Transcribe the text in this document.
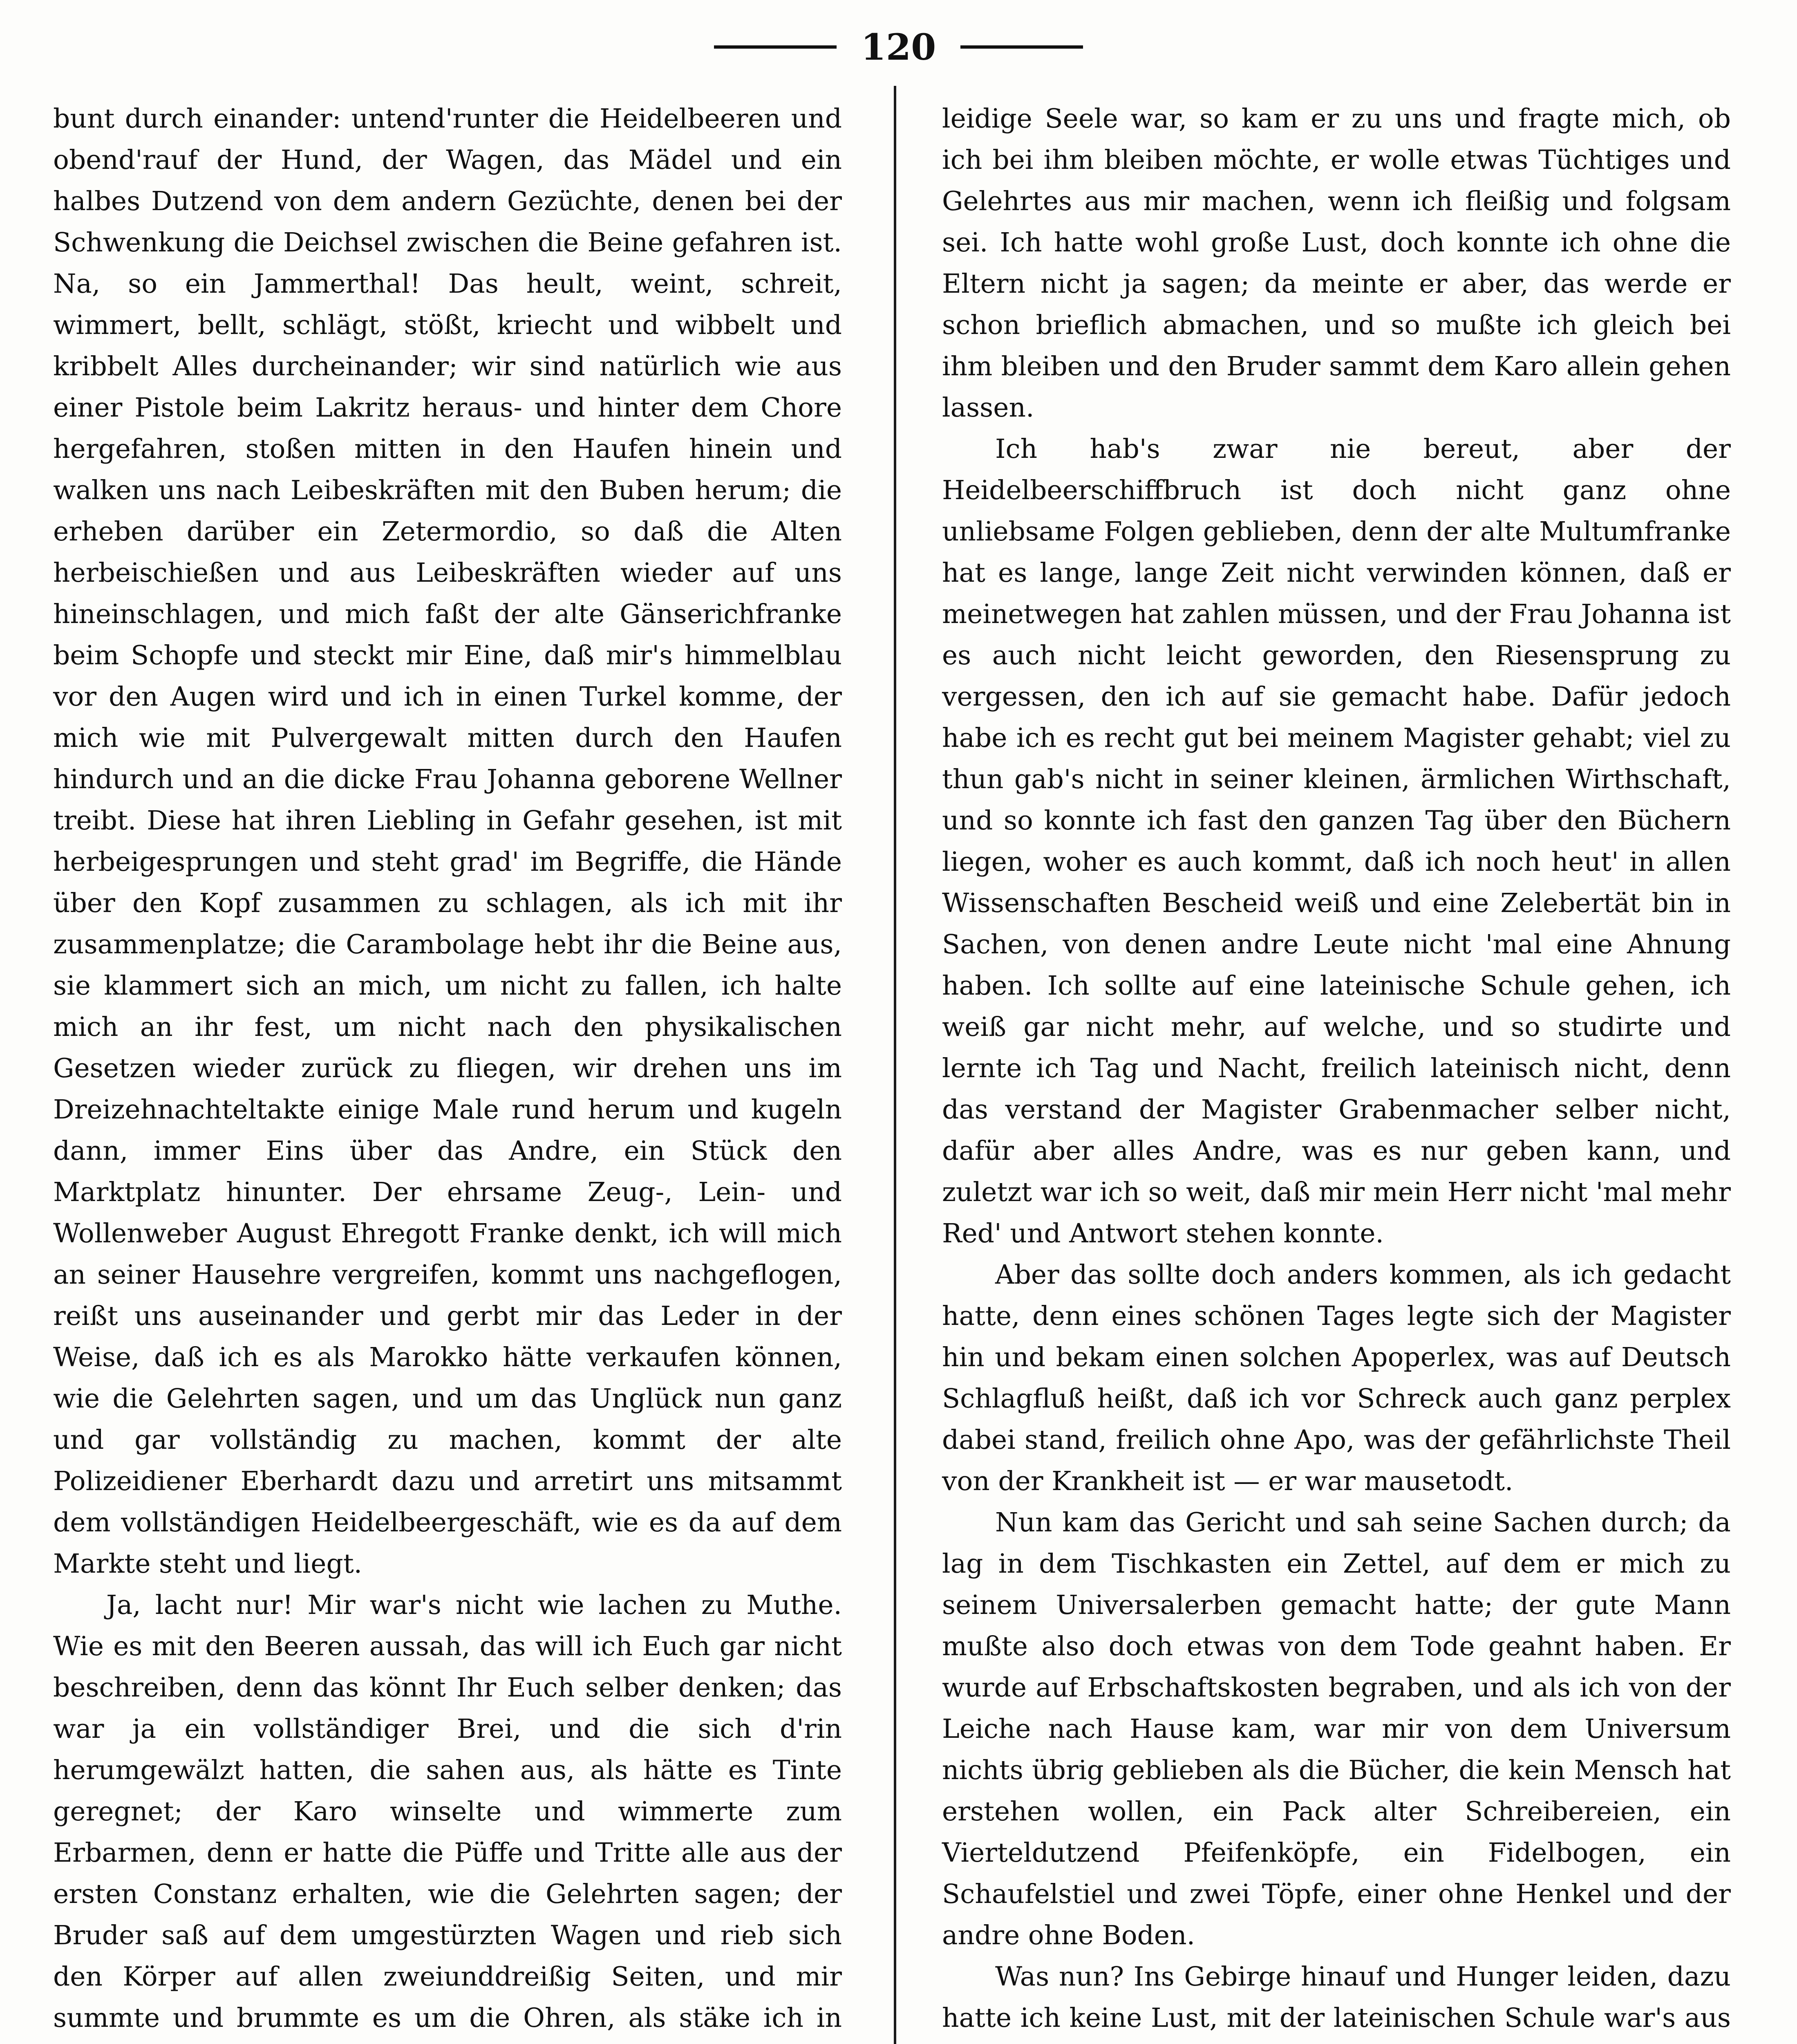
120

bunt durch einander: untend'runter die Heidelbeeren und obend'rauf der Hund, der Wagen, das Mädel und ein halbes Dutzend von dem andern Gezüchte, denen bei der Schwenkung die Deichsel zwischen die Beine gefahren ist. Na, so ein Jammerthal! Das heult, weint, schreit, wimmert, bellt, schlägt, stößt, kriecht und wibbelt und kribbelt Alles durcheinander; wir sind natürlich wie aus einer Pistole beim Lakritz heraus- und hinter dem Chore hergefahren, stoßen mitten in den Haufen hinein und walken uns nach Leibeskräften mit den Buben herum; die erheben darüber ein Zetermordio, so daß die Alten herbeischießen und aus Leibeskräften wieder auf uns hineinschlagen, und mich faßt der alte Gänserichfranke beim Schopfe und steckt mir Eine, daß mir's himmelblau vor den Augen wird und ich in einen Turkel komme, der mich wie mit Pulvergewalt mitten durch den Haufen hindurch und an die dicke Frau Johanna geborene Wellner treibt. Diese hat ihren Liebling in Gefahr gesehen, ist mit herbeigesprungen und steht grad' im Begriffe, die Hände über den Kopf zusammen zu schlagen, als ich mit ihr zusammenplatze; die Carambolage hebt ihr die Beine aus, sie klammert sich an mich, um nicht zu fallen, ich halte mich an ihr fest, um nicht nach den physikalischen Gesetzen wieder zurück zu fliegen, wir drehen uns im Dreizehnachteltakte einige Male rund herum und kugeln dann, immer Eins über das Andre, ein Stück den Marktplatz hinunter. Der ehrsame Zeug-, Lein- und Wollenweber August Ehregott Franke denkt, ich will mich an seiner Hausehre vergreifen, kommt uns nachgeflogen, reißt uns auseinander und gerbt mir das Leder in der Weise, daß ich es als Marokko hätte verkaufen können, wie die Gelehrten sagen, und um das Unglück nun ganz und gar vollständig zu machen, kommt der alte Polizeidiener Eberhardt dazu und arretirt uns mitsammt dem vollständigen Heidelbeergeschäft, wie es da auf dem Markte steht und liegt.

Ja, lacht nur! Mir war's nicht wie lachen zu Muthe. Wie es mit den Beeren aussah, das will ich Euch gar nicht beschreiben, denn das könnt Ihr Euch selber denken; das war ja ein vollständiger Brei, und die sich d'rin herumgewälzt hatten, die sahen aus, als hätte es Tinte geregnet; der Karo winselte und wimmerte zum Erbarmen, denn er hatte die Püffe und Tritte alle aus der ersten Constanz erhalten, wie die Gelehrten sagen; der Bruder saß auf dem umgestürzten Wagen und rieb sich den Körper auf allen zweiunddreißig Seiten, und mir summte und brummte es um die Ohren, als stäke ich in

leidige Seele war, so kam er zu uns und fragte mich, ob ich bei ihm bleiben möchte, er wolle etwas Tüchtiges und Gelehrtes aus mir machen, wenn ich fleißig und folgsam sei. Ich hatte wohl große Lust, doch konnte ich ohne die Eltern nicht ja sagen; da meinte er aber, das werde er schon brieflich abmachen, und so mußte ich gleich bei ihm bleiben und den Bruder sammt dem Karo allein gehen lassen.

Ich hab's zwar nie bereut, aber der Heidelbeerschiffbruch ist doch nicht ganz ohne unliebsame Folgen geblieben, denn der alte Multumfranke hat es lange, lange Zeit nicht verwinden können, daß er meinetwegen hat zahlen müssen, und der Frau Johanna ist es auch nicht leicht geworden, den Riesensprung zu vergessen, den ich auf sie gemacht habe. Dafür jedoch habe ich es recht gut bei meinem Magister gehabt; viel zu thun gab's nicht in seiner kleinen, ärmlichen Wirthschaft, und so konnte ich fast den ganzen Tag über den Büchern liegen, woher es auch kommt, daß ich noch heut' in allen Wissenschaften Bescheid weiß und eine Zelebertät bin in Sachen, von denen andre Leute nicht 'mal eine Ahnung haben. Ich sollte auf eine lateinische Schule gehen, ich weiß gar nicht mehr, auf welche, und so studirte und lernte ich Tag und Nacht, freilich lateinisch nicht, denn das verstand der Magister Grabenmacher selber nicht, dafür aber alles Andre, was es nur geben kann, und zuletzt war ich so weit, daß mir mein Herr nicht 'mal mehr Red' und Antwort stehen konnte.

Aber das sollte doch anders kommen, als ich gedacht hatte, denn eines schönen Tages legte sich der Magister hin und bekam einen solchen Apoperlex, was auf Deutsch Schlagfluß heißt, daß ich vor Schreck auch ganz perplex dabei stand, freilich ohne Apo, was der gefährlichste Theil von der Krankheit ist — er war mausetodt.

Nun kam das Gericht und sah seine Sachen durch; da lag in dem Tischkasten ein Zettel, auf dem er mich zu seinem Universalerben gemacht hatte; der gute Mann mußte also doch etwas von dem Tode geahnt haben. Er wurde auf Erbschaftskosten begraben, und als ich von der Leiche nach Hause kam, war mir von dem Universum nichts übrig geblieben als die Bücher, die kein Mensch hat erstehen wollen, ein Pack alter Schreibereien, ein Vierteldutzend Pfeifenköpfe, ein Fidelbogen, ein Schaufelstiel und zwei Töpfe, einer ohne Henkel und der andre ohne Boden.

Was nun? Ins Gebirge hinauf und Hunger leiden, dazu hatte ich keine Lust, mit der lateinischen Schule war's aus
